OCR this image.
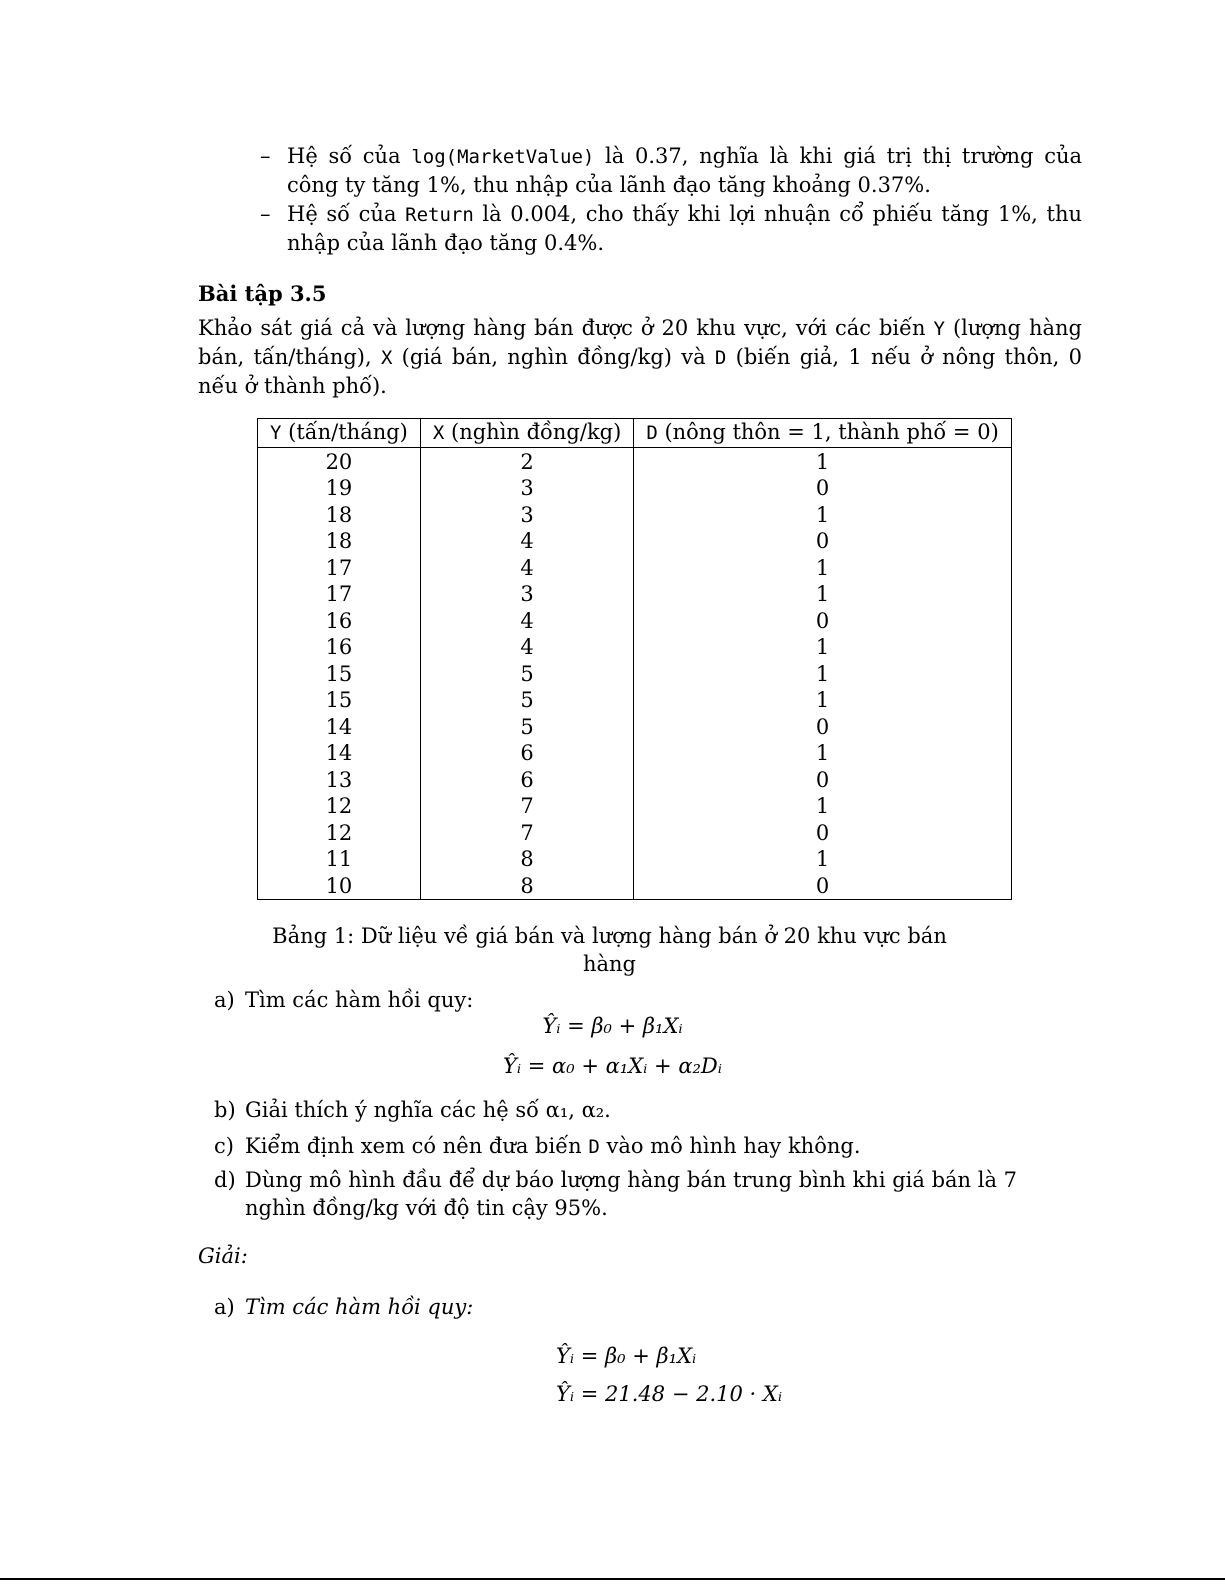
– Hệ số của log(MarketValue) là 0.37, nghĩa là khi giá trị thị trường của công ty tăng 1%, thu nhập của lãnh đạo tăng khoảng 0.37%.
– Hệ số của Return là 0.004, cho thấy khi lợi nhuận cổ phiếu tăng 1%, thu nhập của lãnh đạo tăng 0.4%.
Bài tập 3.5
Khảo sát giá cả và lượng hàng bán được ở 20 khu vực, với các biến Y (lượng hàng bán, tấn/tháng), X (giá bán, nghìn đồng/kg) và D (biến giả, 1 nếu ở nông thôn, 0 nếu ở thành phố).
Y (tấn/tháng)	X (nghìn đồng/kg)	D (nông thôn = 1, thành phố = 0)
20	2	1
19	3	0
18	3	1
18	4	0
17	4	1
17	3	1
16	4	0
16	4	1
15	5	1
15	5	1
14	5	0
14	6	1
13	6	0
12	7	1
12	7	0
11	8	1
10	8	0
Bảng 1: Dữ liệu về giá bán và lượng hàng bán ở 20 khu vực bán hàng
a) Tìm các hàm hồi quy:
Ŷᵢ = β₀ + β₁Xᵢ
Ŷᵢ = α₀ + α₁Xᵢ + α₂Dᵢ
b) Giải thích ý nghĩa các hệ số α₁, α₂.
c) Kiểm định xem có nên đưa biến D vào mô hình hay không.
d) Dùng mô hình đầu để dự báo lượng hàng bán trung bình khi giá bán là 7 nghìn đồng/kg với độ tin cậy 95%.
Giải:
a) Tìm các hàm hồi quy:
Ŷᵢ = β₀ + β₁Xᵢ
Ŷᵢ = 21.48 − 2.10 · Xᵢ
